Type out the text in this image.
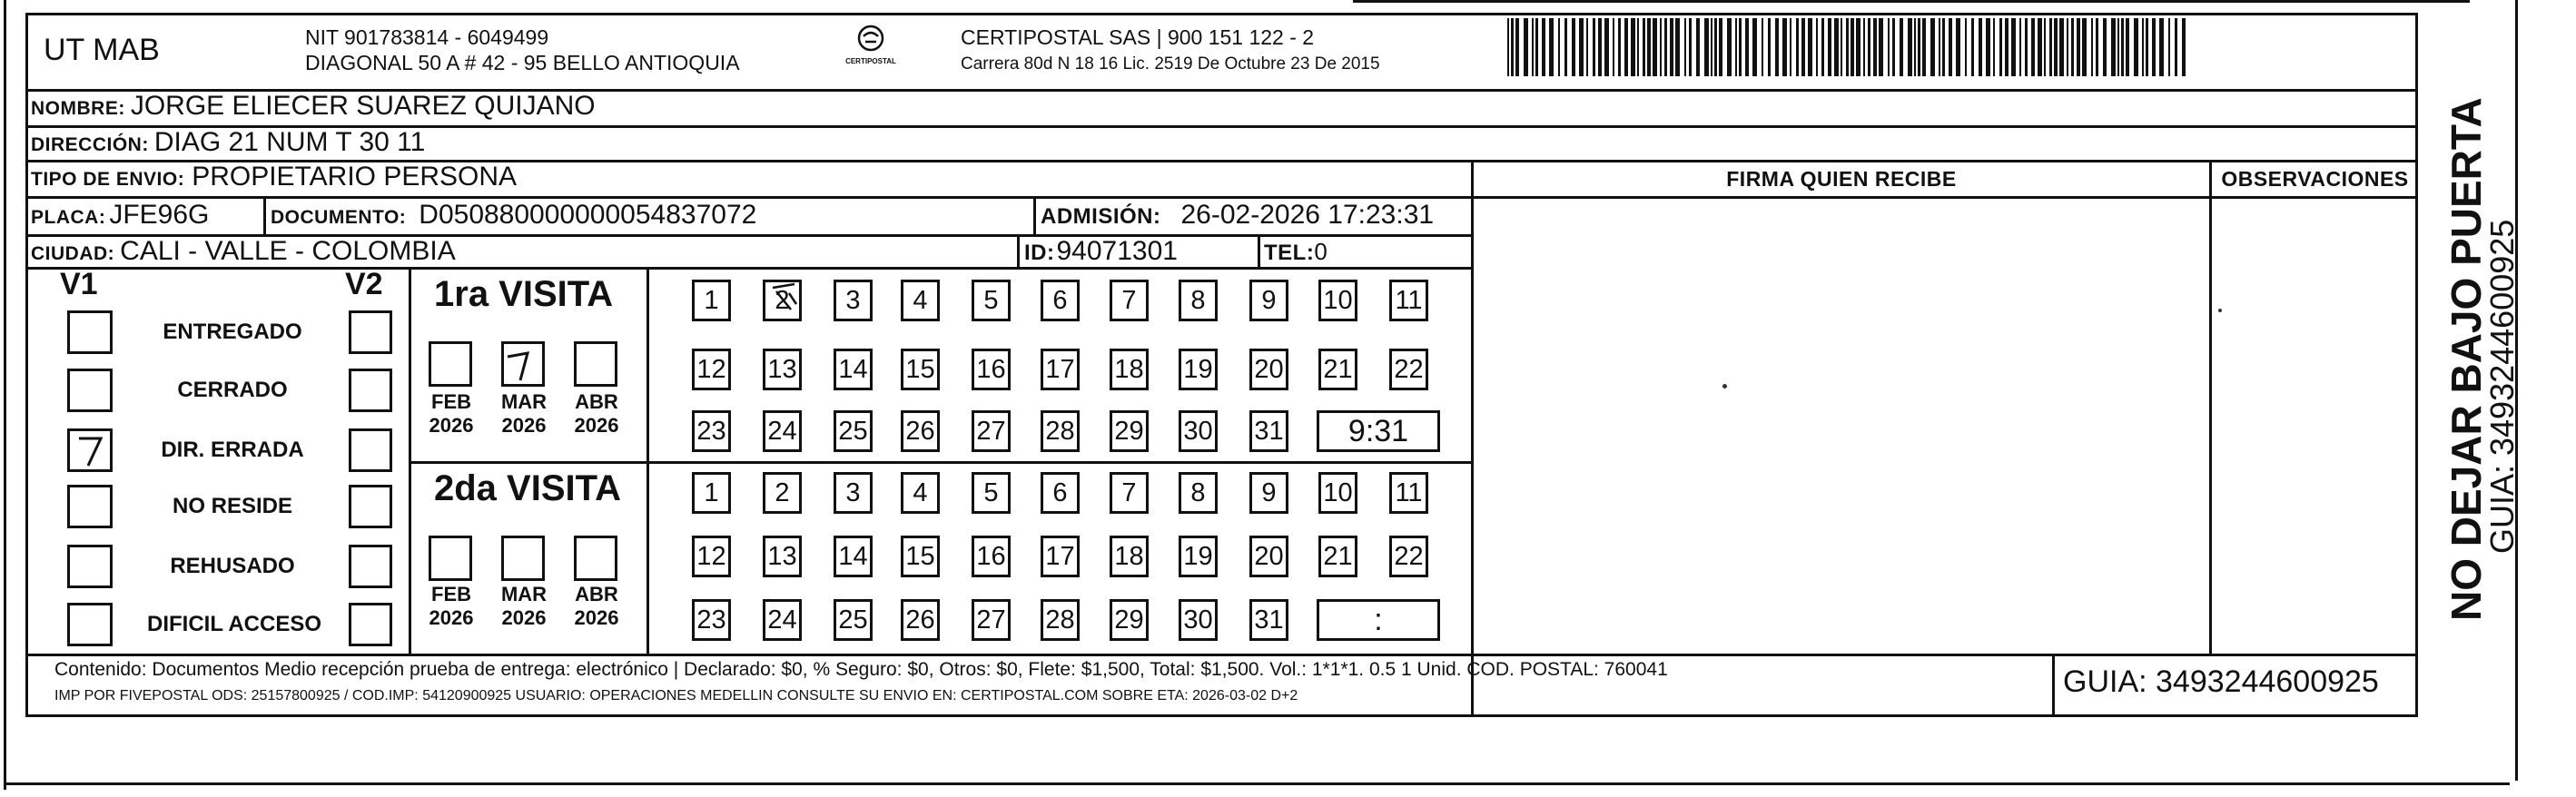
UT MAB	NIT 901783814 - 6049499
DIAGONAL 50 A # 42 - 95 BELLO ANTIOQUIA	CERTIPOSTAL
CERTIPOSTAL SAS | 900 151 122 - 2
Carrera 80d N 18 16 Lic. 2519 De Octubre 23 De 2015
NOMBRE: JORGE ELIECER SUAREZ QUIJANO
DIRECCIÓN: DIAG 21 NUM T 30 11
TIPO DE ENVIO: PROPIETARIO PERSONA	FIRMA QUIEN RECIBE	OBSERVACIONES
PLACA: JFE96G	DOCUMENTO: D050880000000054837072	ADMISIÓN: 26-02-2026 17:23:31
CIUDAD: CALI - VALLE - COLOMBIA	ID:94071301	TEL:0
V1	V2
ENTREGADO
CERRADO
DIR. ERRADA
NO RESIDE
REHUSADO
DIFICIL ACCESO
1ra VISITA
2da VISITA
FEB
2026
MAR
2026
ABR
2026
FEB
2026
MAR
2026
ABR
2026
1	2	3	4	5	6	7	8	9	10 11
12 13 14 15 16 17 18 19 20 21 22
23 24 25 26 27 28 29 30 31	9:31
1	2	3	4	5	6	7	8	9	10 11
12 13 14 15 16 17 18 19 20 21 22
23 24 25 26 27 28 29 30 31	:
Contenido: Documentos Medio recepción prueba de entrega: electrónico | Declarado: $0, % Seguro: $0, Otros: $0, Flete: $1,500, Total: $1,500. Vol.: 1*1*1. 0.5 1 Unid. COD. POSTAL: 760041
IMP POR FIVEPOSTAL ODS: 25157800925 / COD.IMP: 54120900925 USUARIO: OPERACIONES MEDELLIN CONSULTE SU ENVIO EN: CERTIPOSTAL.COM SOBRE ETA: 2026-03-02 D+2	GUIA: 3493244600925
NO DEJAR BAJO PUERTA
GUIA: 3493244600925
